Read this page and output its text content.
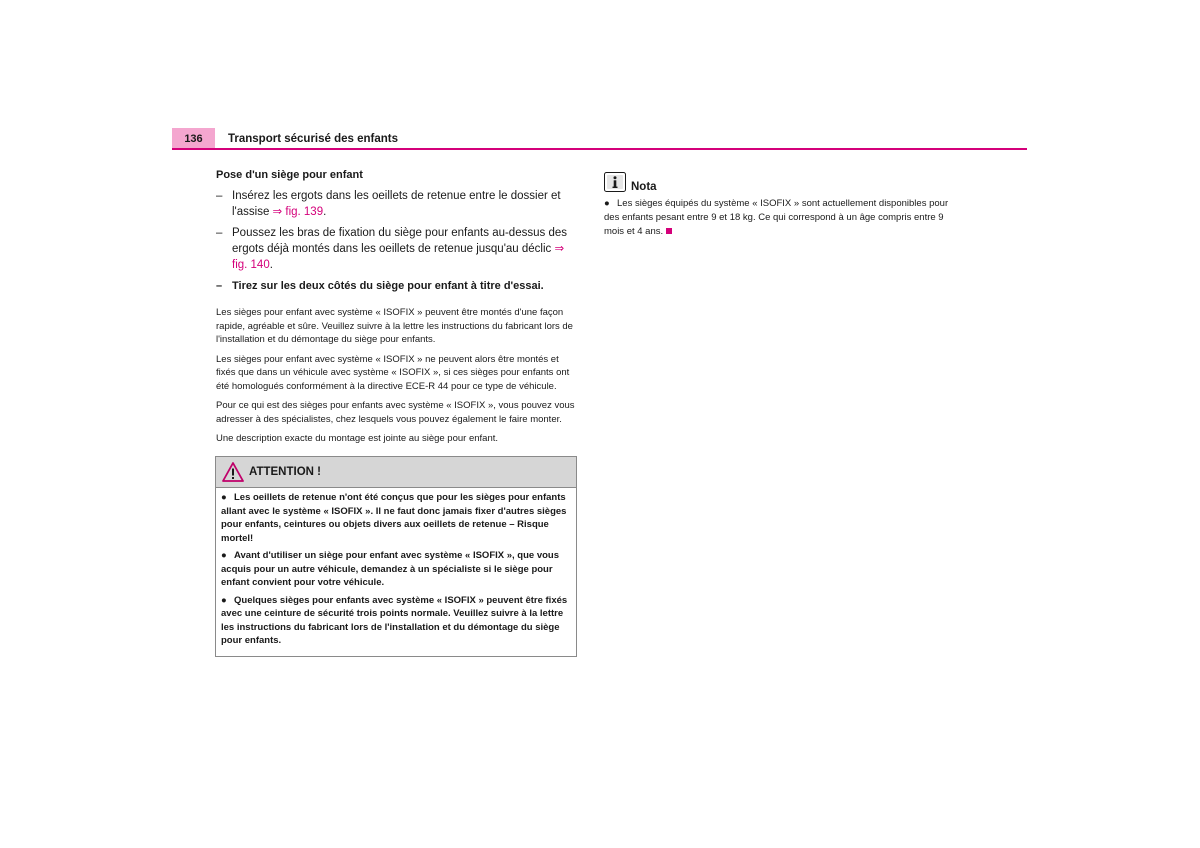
136	Transport sécurisé des enfants
Pose d'un siège pour enfant
– Insérez les ergots dans les oeillets de retenue entre le dossier et l'assise ⇒ fig. 139.
– Poussez les bras de fixation du siège pour enfants au-dessus des ergots déjà montés dans les oeillets de retenue jusqu'au déclic ⇒ fig. 140.
– Tirez sur les deux côtés du siège pour enfant à titre d'essai.

Les sièges pour enfant avec système « ISOFIX » peuvent être montés d'une façon rapide, agréable et sûre. Veuillez suivre à la lettre les instructions du fabricant lors de l'installation et du démontage du siège pour enfants.

Les sièges pour enfant avec système « ISOFIX » ne peuvent alors être montés et fixés que dans un véhicule avec système « ISOFIX », si ces sièges pour enfants ont été homologués conformément à la directive ECE-R 44 pour ce type de véhicule.

Pour ce qui est des sièges pour enfants avec système « ISOFIX », vous pouvez vous adresser à des spécialistes, chez lesquels vous pouvez également le faire monter.

Une description exacte du montage est jointe au siège pour enfant.

ATTENTION !
● Les oeillets de retenue n'ont été conçus que pour les sièges pour enfants allant avec le système « ISOFIX ». Il ne faut donc jamais fixer d'autres sièges pour enfants, ceintures ou objets divers aux oeillets de retenue – Risque mortel!
● Avant d'utiliser un siège pour enfant avec système « ISOFIX », que vous acquis pour un autre véhicule, demandez à un spécialiste si le siège pour enfant convient pour votre véhicule.
● Quelques sièges pour enfants avec système « ISOFIX » peuvent être fixés avec une ceinture de sécurité trois points normale. Veuillez suivre à la lettre les instructions du fabricant lors de l'installation et du démontage du siège pour enfants.
Nota
● Les sièges équipés du système « ISOFIX » sont actuellement disponibles pour des enfants pesant entre 9 et 18 kg. Ce qui correspond à un âge compris entre 9 mois et 4 ans.
